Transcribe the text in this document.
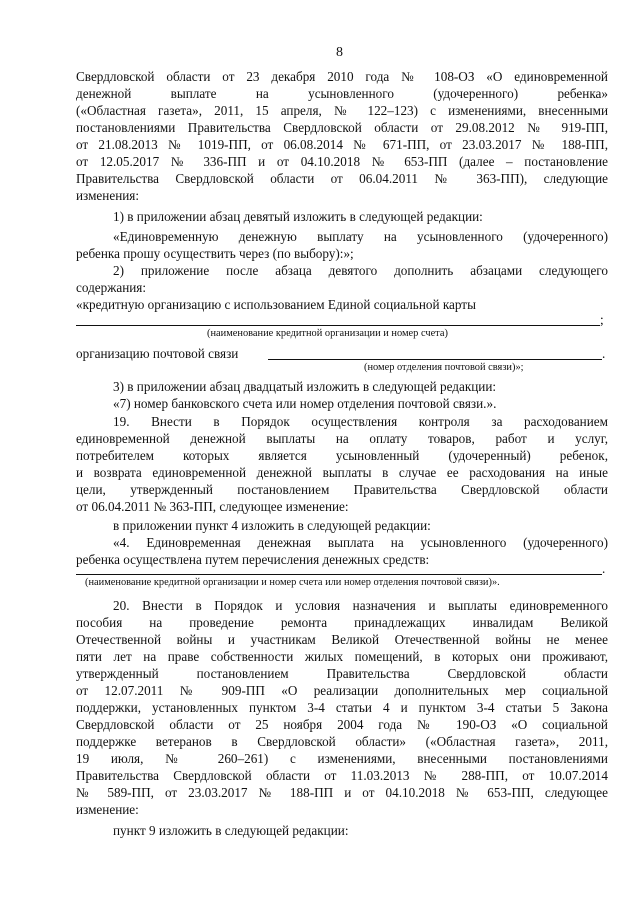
8
Свердловской области от 23 декабря 2010 года № 108-ОЗ «О единовременной
денежной выплате на усыновленного (удочеренного) ребенка»
(«Областная газета», 2011, 15 апреля, № 122–123) с изменениями, внесенными
постановлениями Правительства Свердловской области от 29.08.2012 № 919-ПП,
от 21.08.2013 № 1019-ПП, от 06.08.2014 № 671-ПП, от 23.03.2017 № 188-ПП,
от 12.05.2017 № 336-ПП и от 04.10.2018 № 653-ПП (далее – постановление
Правительства Свердловской области от 06.04.2011 № 363-ПП), следующие
изменения:
1) в приложении абзац девятый изложить в следующей редакции:
«Единовременную денежную выплату на усыновленного (удочеренного)
ребенка прошу осуществить через (по выбору):»;
2) приложение после абзаца девятого дополнить абзацами следующего
содержания:
«кредитную организацию с использованием Единой социальной карты
;
(наименование кредитной организации и номер счета)
организацию почтовой связи	.
(номер отделения почтовой связи)»;
3) в приложении абзац двадцатый изложить в следующей редакции:
«7) номер банковского счета или номер отделения почтовой связи.».
19. Внести в Порядок осуществления контроля за расходованием
единовременной денежной выплаты на оплату товаров, работ и услуг,
потребителем которых является усыновленный (удочеренный) ребенок,
и возврата единовременной денежной выплаты в случае ее расходования на иные
цели, утвержденный постановлением Правительства Свердловской области
от 06.04.2011 № 363-ПП, следующее изменение:
в приложении пункт 4 изложить в следующей редакции:
«4. Единовременная денежная выплата на усыновленного (удочеренного)
ребенка осуществлена путем перечисления денежных средств:
.
(наименование кредитной организации и номер счета или номер отделения почтовой связи)».
20. Внести в Порядок и условия назначения и выплаты единовременного
пособия на проведение ремонта принадлежащих инвалидам Великой
Отечественной войны и участникам Великой Отечественной войны не менее
пяти лет на праве собственности жилых помещений, в которых они проживают,
утвержденный постановлением Правительства Свердловской области
от 12.07.2011 № 909-ПП «О реализации дополнительных мер социальной
поддержки, установленных пунктом 3-4 статьи 4 и пунктом 3-4 статьи 5 Закона
Свердловской области от 25 ноября 2004 года № 190-ОЗ «О социальной
поддержке ветеранов в Свердловской области» («Областная газета», 2011,
19 июля, № 260–261) с изменениями, внесенными постановлениями
Правительства Свердловской области от 11.03.2013 № 288-ПП, от 10.07.2014
№ 589-ПП, от 23.03.2017 № 188-ПП и от 04.10.2018 № 653-ПП, следующее
изменение:
пункт 9 изложить в следующей редакции:
